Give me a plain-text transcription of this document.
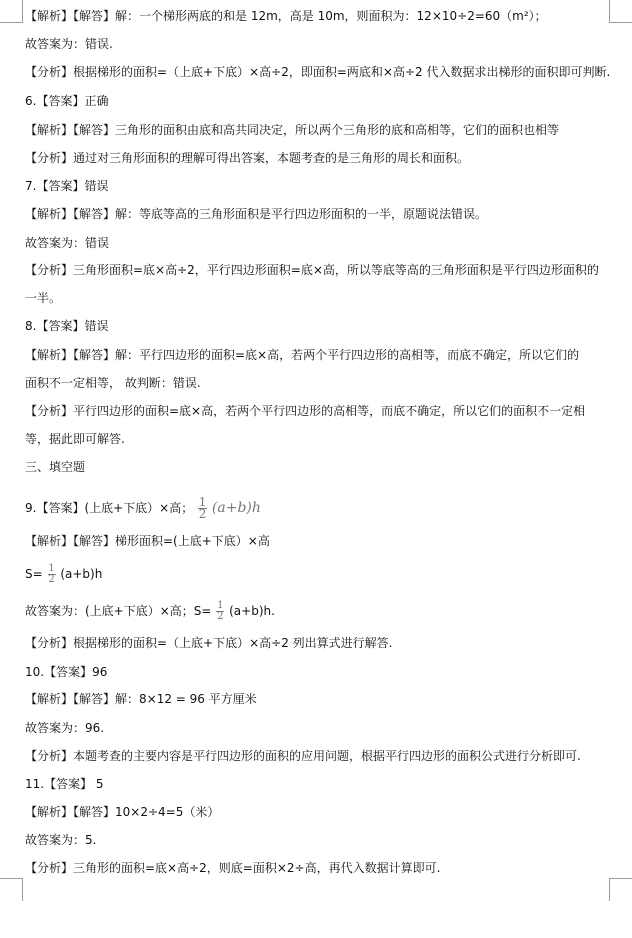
【解析】【解答】解：一个梯形两底的和是 12m，高是 10m，则面积为：12×10÷2=60（m²）；
故答案为：错误.
【分析】根据梯形的面积=（上底+下底）×高÷2，即面积=两底和×高÷2 代入数据求出梯形的面积即可判断.
6.【答案】正确
【解析】【解答】三角形的面积由底和高共同决定，所以两个三角形的底和高相等，它们的面积也相等
【分析】通过对三角形面积的理解可得出答案，本题考查的是三角形的周长和面积。
7.【答案】错误
【解析】【解答】解：等底等高的三角形面积是平行四边形面积的一半，原题说法错误。
故答案为：错误
【分析】三角形面积=底×高÷2，平行四边形面积=底×高，所以等底等高的三角形面积是平行四边形面积的
一半。
8.【答案】错误
【解析】【解答】解：平行四边形的面积=底×高，若两个平行四边形的高相等，而底不确定，所以它们的
面积不一定相等， 故判断：错误.
【分析】平行四边形的面积=底×高，若两个平行四边形的高相等，而底不确定，所以它们的面积不一定相
等，据此即可解答.
三、填空题
9.【答案】(上底+下底）×高； $\frac{1}{2} (a+b)h$
【解析】【解答】梯形面积=(上底+下底）×高
$S= \frac{1}{2} (a+b)h$
故答案为：(上底+下底）×高；$S= \frac{1}{2} (a+b)h$.
【分析】根据梯形的面积=（上底+下底）×高÷2 列出算式进行解答.
10.【答案】96
【解析】【解答】解：8×12 = 96 平方厘米
故答案为：96.
【分析】本题考查的主要内容是平行四边形的面积的应用问题，根据平行四边形的面积公式进行分析即可.
11.【答案】 5
【解析】【解答】10×2÷4=5（米）
故答案为：5.
【分析】三角形的面积=底×高÷2，则底=面积×2÷高，再代入数据计算即可.
